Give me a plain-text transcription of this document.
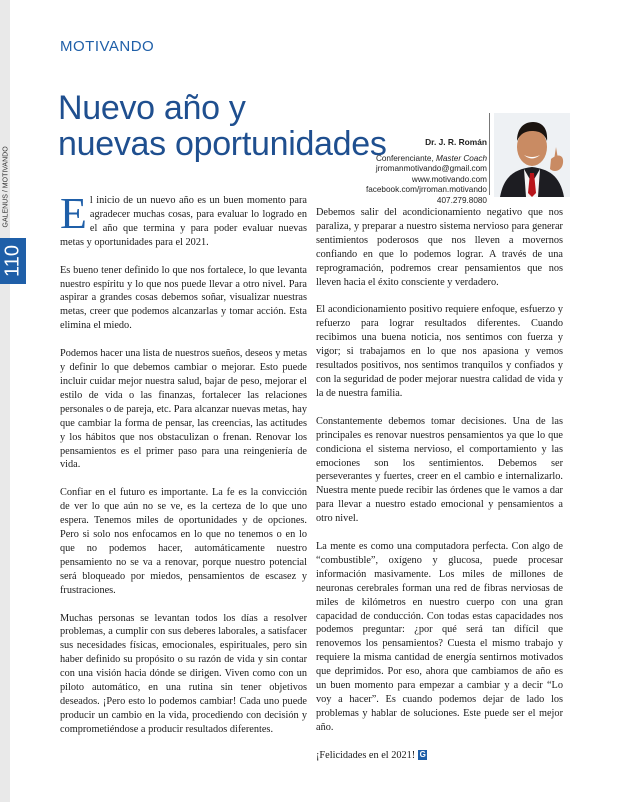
GALENUS / MOTIVANDO
110
MOTIVANDO
Nuevo año y
nuevas oportunidades	Dr. J. R. Román
Conferenciante, Master Coach
jrromanmotivando@gmail.com
www.motivando.com
facebook.com/jrroman.motivando
407.279.8080

El inicio de un nuevo año es un buen momento para agradecer muchas cosas, para evaluar lo logrado en el año que termina y para poder evaluar nuevas metas y oportunidades para el 2021.

Es bueno tener definido lo que nos fortalece, lo que levanta nuestro espíritu y lo que nos puede llevar a otro nivel. Para aspirar a grandes cosas debemos soñar, visualizar nuestras metas, creer que podemos alcanzarlas y tomar acción. Esta elimina el miedo.

Podemos hacer una lista de nuestros sueños, deseos y metas y definir lo que debemos cambiar o mejorar. Esto puede incluir cuidar mejor nuestra salud, bajar de peso, mejorar el estilo de vida o las finanzas, fortalecer las relaciones personales o de pareja, etc. Para alcanzar nuevas metas, hay que cambiar la forma de pensar, las creencias, las actitudes y los hábitos que nos obstaculizan o frenan. Renovar los pensamientos es el primer paso para una reingeniería de vida.

Confiar en el futuro es importante. La fe es la convicción de ver lo que aún no se ve, es la certeza de lo que uno espera. Tenemos miles de oportunidades y de opciones. Pero si solo nos enfocamos en lo que no tenemos o en lo que no podemos hacer, automáticamente nuestro pensamiento no se va a renovar, porque nuestro potencial será bloqueado por miedos, pensamientos de escasez y frustraciones.

Muchas personas se levantan todos los días a resolver problemas, a cumplir con sus deberes laborales, a satisfacer sus necesidades físicas, emocionales, espirituales, pero sin haber definido su propósito o su razón de vida y sin contar con una visión hacia dónde se dirigen. Viven como con un piloto automático, en una rutina sin tener objetivos deseados. ¡Pero esto lo podemos cambiar! Cada uno puede producir un cambio en la vida, procediendo con decisión y comprometiéndose a producir resultados diferentes.

Debemos salir del acondicionamiento negativo que nos paraliza, y preparar a nuestro sistema nervioso para generar sentimientos poderosos que nos lleven a movernos confiando en que lo podemos lograr. A través de una reprogramación, podremos crear pensamientos que nos lleven hacia el éxito consciente y verdadero.

El acondicionamiento positivo requiere enfoque, esfuerzo y refuerzo para lograr resultados diferentes. Cuando recibimos una buena noticia, nos sentimos con fuerza y vigor; si trabajamos en lo que nos apasiona y vemos resultados positivos, nos sentimos tranquilos y confiados y con la seguridad de poder mejorar nuestra calidad de vida y la de nuestra familia.

Constantemente debemos tomar decisiones. Una de las principales es renovar nuestros pensamientos ya que lo que condiciona el sistema nervioso, el comportamiento y las emociones son los sentimientos. Debemos ser perseverantes y fuertes, creer en el cambio e internalizarlo. Nuestra mente puede recibir las órdenes que le vamos a dar para llevar a nuestro estado emocional y pensamientos a otro nivel.

La mente es como una computadora perfecta. Con algo de “combustible”, oxígeno y glucosa, puede procesar información masivamente. Los miles de millones de neuronas cerebrales forman una red de fibras nerviosas de miles de kilómetros en nuestro cuerpo con una gran capacidad de conducción. Con todas estas capacidades nos podemos preguntar: ¿por qué será tan difícil que renovemos los pensamientos? Cuesta el mismo trabajo y requiere la misma cantidad de energía sentirnos motivados que deprimidos. Por eso, ahora que cambiamos de año es un buen momento para empezar a cambiar y a decir “Lo voy a hacer”. Es cuando podemos dejar de lado los problemas y hablar de soluciones. Este puede ser el mejor año.

¡Felicidades en el 2021! G
